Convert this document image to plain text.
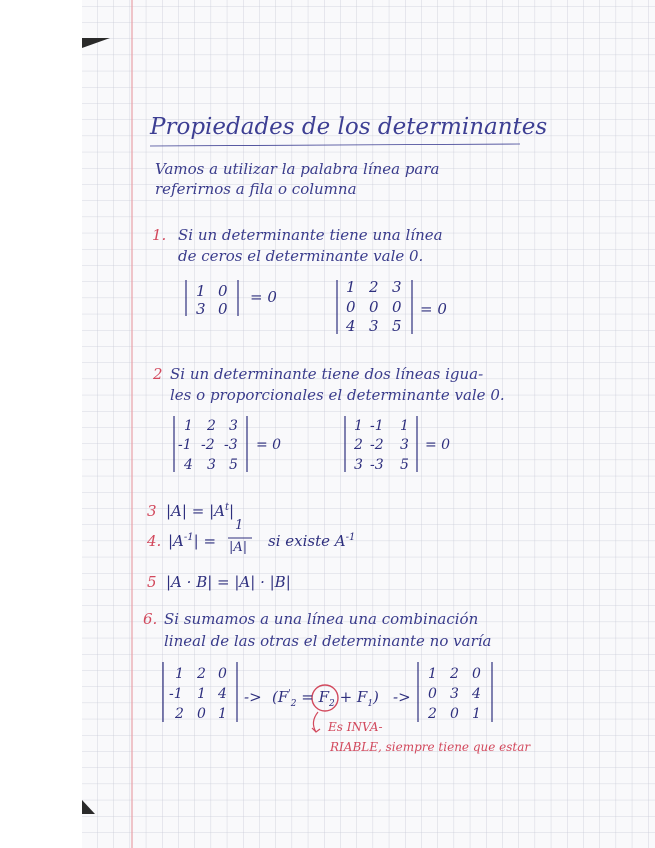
1 0
3 0
= 0
1 2 3
0 0 0
4 3 5
= 0
1 2 3
-1 -2 -3
4 3 5
= 0
1 -1 1
2 -2 3
3 -3 5
= 0
1 2 0
-1 1 4
2 0 1
1 2 0
0 3 4
2 0 1
Propiedades de los determinantes
Vamos a utilizar la palabra línea para
referirnos a fila o columna
1. Si un determinante tiene una línea
de ceros el determinante vale 0.
2 Si un determinante tiene dos líneas igua-
les o proporcionales el determinante vale 0.
3 $|A| = |A^t|$
4. $|A^{-1}|$ =
1
|A| si existe $A^{-1}$
5 |A · B| = |A| · |B|
6. Si sumamos a una línea una combinación
lineal de las otras el determinante no varía
-> $(F'_2 = F_2 + F_1)$ ->
Es INVA-
RIABLE, siempre tiene que estar
